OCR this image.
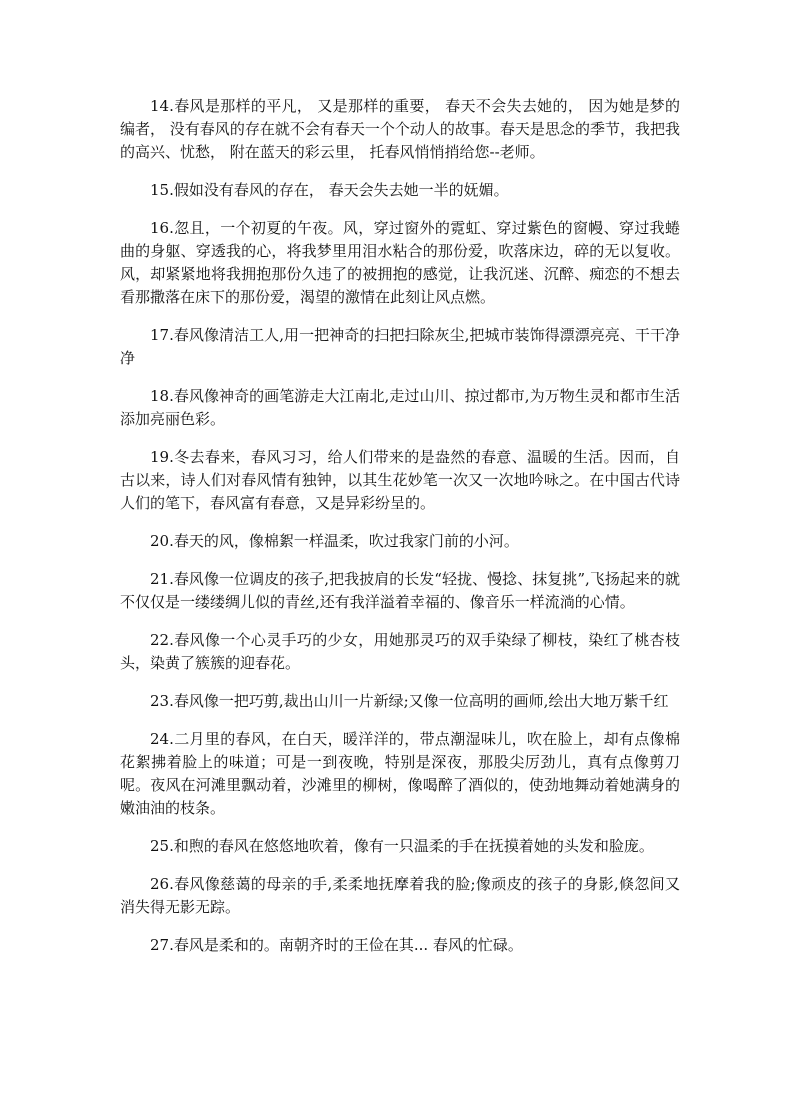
14.春风是那样的平凡， 又是那样的重要， 春天不会失去她的， 因为她是梦的编者， 没有春风的存在就不会有春天一个个动人的故事。春天是思念的季节，我把我的高兴、忧愁， 附在蓝天的彩云里， 托春风悄悄捎给您--老师。

15.假如没有春风的存在， 春天会失去她一半的妩媚。

16.忽且，一个初夏的午夜。风，穿过窗外的霓虹、穿过紫色的窗幔、穿过我蜷曲的身躯、穿透我的心，将我梦里用泪水粘合的那份爱，吹落床边，碎的无以复收。风，却紧紧地将我拥抱那份久违了的被拥抱的感觉，让我沉迷、沉醉、痴恋的不想去看那撒落在床下的那份爱，渴望的激情在此刻让风点燃。

17.春风像清洁工人,用一把神奇的扫把扫除灰尘,把城市装饰得漂漂亮亮、干干净净

18.春风像神奇的画笔游走大江南北,走过山川、掠过都市,为万物生灵和都市生活添加亮丽色彩。

19.冬去春来，春风习习，给人们带来的是盎然的春意、温暖的生活。因而，自古以来，诗人们对春风情有独钟，以其生花妙笔一次又一次地吟咏之。在中国古代诗人们的笔下，春风富有春意，又是异彩纷呈的。

20.春天的风，像棉絮一样温柔，吹过我家门前的小河。

21.春风像一位调皮的孩子,把我披肩的长发“轻拢、慢捻、抹复挑”,飞扬起来的就不仅仅是一缕缕绸儿似的青丝,还有我洋溢着幸福的、像音乐一样流淌的心情。

22.春风像一个心灵手巧的少女，用她那灵巧的双手染绿了柳枝，染红了桃杏枝头，染黄了簇簇的迎春花。

23.春风像一把巧剪,裁出山川一片新绿;又像一位高明的画师,绘出大地万紫千红

24.二月里的春风，在白天，暖洋洋的，带点潮湿味儿，吹在脸上，却有点像棉花絮拂着脸上的味道；可是一到夜晚，特别是深夜，那股尖厉劲儿，真有点像剪刀呢。夜风在河滩里飘动着，沙滩里的柳树，像喝醉了酒似的，使劲地舞动着她满身的嫩油油的枝条。

25.和煦的春风在悠悠地吹着，像有一只温柔的手在抚摸着她的头发和脸庞。

26.春风像慈蔼的母亲的手,柔柔地抚摩着我的脸;像顽皮的孩子的身影,倏忽间又消失得无影无踪。

27.春风是柔和的。南朝齐时的王俭在其... 春风的忙碌。
